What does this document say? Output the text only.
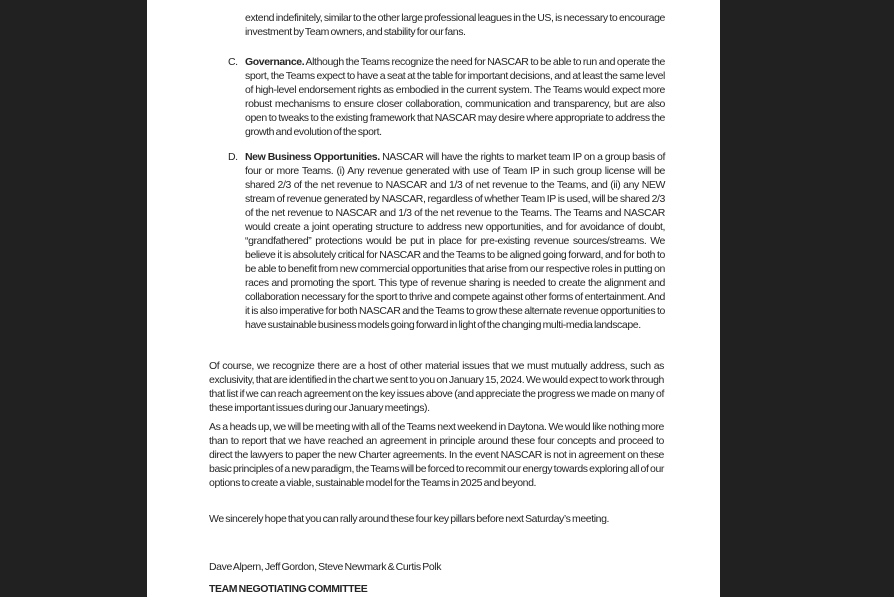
extend indefinitely, similar to the other large professional leagues in the US, is necessary to encourage investment by Team owners, and stability for our fans.

C. Governance. Although the Teams recognize the need for NASCAR to be able to run and operate the sport, the Teams expect to have a seat at the table for important decisions, and at least the same level of high-level endorsement rights as embodied in the current system. The Teams would expect more robust mechanisms to ensure closer collaboration, communication and transparency, but are also open to tweaks to the existing framework that NASCAR may desire where appropriate to address the growth and evolution of the sport.

D. New Business Opportunities. NASCAR will have the rights to market team IP on a group basis of four or more Teams. (i) Any revenue generated with use of Team IP in such group license will be shared 2/3 of the net revenue to NASCAR and 1/3 of net revenue to the Teams, and (ii) any NEW stream of revenue generated by NASCAR, regardless of whether Team IP is used, will be shared 2/3 of the net revenue to NASCAR and 1/3 of the net revenue to the Teams. The Teams and NASCAR would create a joint operating structure to address new opportunities, and for avoidance of doubt, “grandfathered” protections would be put in place for pre-existing revenue sources/streams. We believe it is absolutely critical for NASCAR and the Teams to be aligned going forward, and for both to be able to benefit from new commercial opportunities that arise from our respective roles in putting on races and promoting the sport. This type of revenue sharing is needed to create the alignment and collaboration necessary for the sport to thrive and compete against other forms of entertainment. And it is also imperative for both NASCAR and the Teams to grow these alternate revenue opportunities to have sustainable business models going forward in light of the changing multi-media landscape.

Of course, we recognize there are a host of other material issues that we must mutually address, such as exclusivity, that are identified in the chart we sent to you on January 15, 2024. We would expect to work through that list if we can reach agreement on the key issues above (and appreciate the progress we made on many of these important issues during our January meetings).

As a heads up, we will be meeting with all of the Teams next weekend in Daytona. We would like nothing more than to report that we have reached an agreement in principle around these four concepts and proceed to direct the lawyers to paper the new Charter agreements. In the event NASCAR is not in agreement on these basic principles of a new paradigm, the Teams will be forced to recommit our energy towards exploring all of our options to create a viable, sustainable model for the Teams in 2025 and beyond.

We sincerely hope that you can rally around these four key pillars before next Saturday’s meeting.

Dave Alpern, Jeff Gordon, Steve Newmark & Curtis Polk

TEAM NEGOTIATING COMMITTEE
